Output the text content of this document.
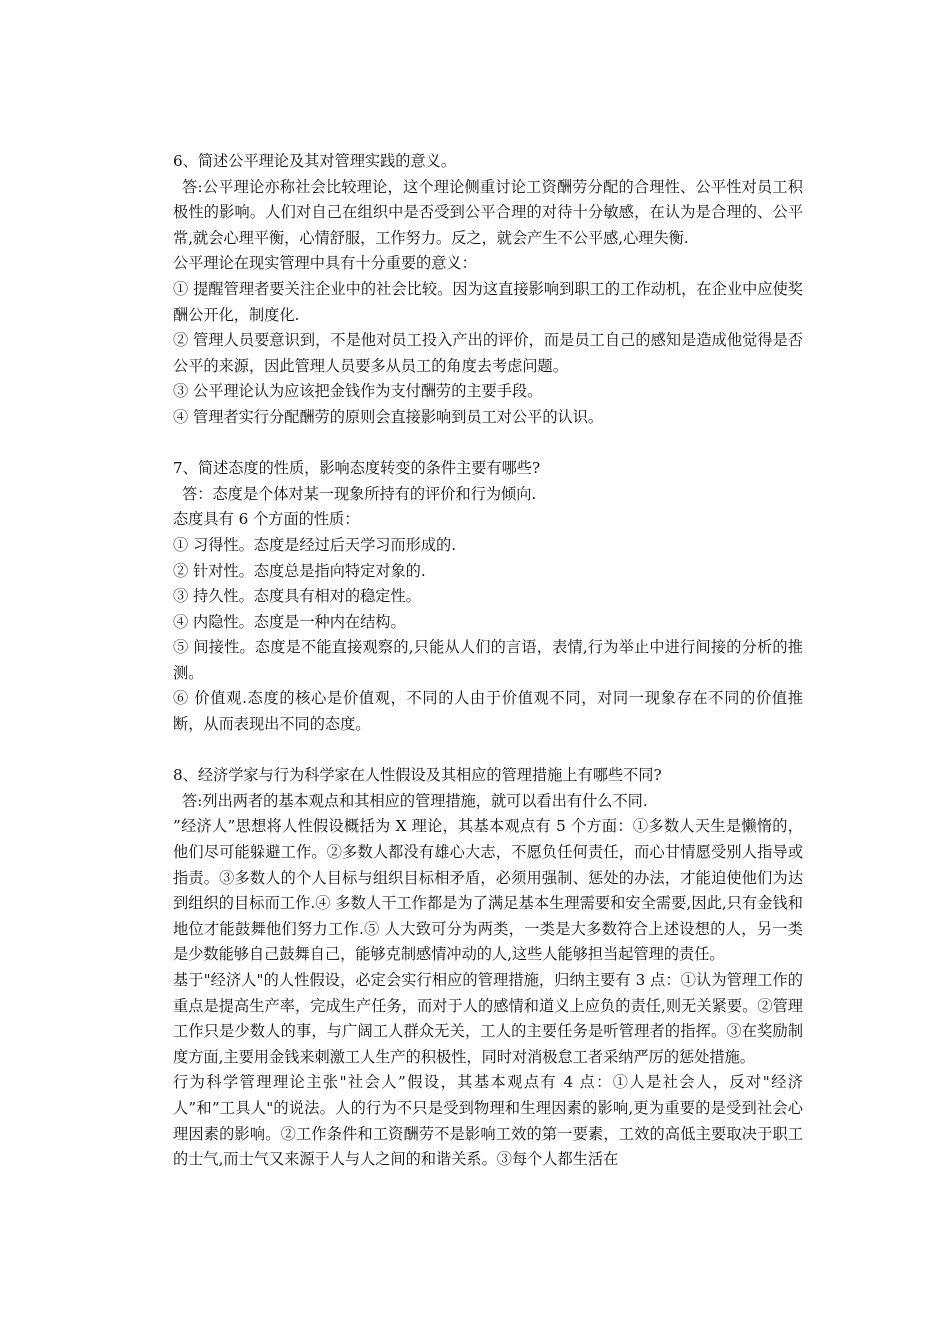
6、简述公平理论及其对管理实践的意义。

答:公平理论亦称社会比较理论，这个理论侧重讨论工资酬劳分配的合理性、公平性对员工积极性的影响。人们对自己在组织中是否受到公平合理的对待十分敏感，在认为是合理的、公平常,就会心理平衡，心情舒服，工作努力。反之，就会产生不公平感,心理失衡.

公平理论在现实管理中具有十分重要的意义：

① 提醒管理者要关注企业中的社会比较。因为这直接影响到职工的工作动机，在企业中应使奖酬公开化，制度化.

② 管理人员要意识到，不是他对员工投入产出的评价，而是员工自己的感知是造成他觉得是否公平的来源，因此管理人员要多从员工的角度去考虑问题。

③ 公平理论认为应该把金钱作为支付酬劳的主要手段。

④ 管理者实行分配酬劳的原则会直接影响到员工对公平的认识。

7、简述态度的性质，影响态度转变的条件主要有哪些?

答：态度是个体对某一现象所持有的评价和行为倾向.

态度具有 6 个方面的性质：

① 习得性。态度是经过后天学习而形成的.

② 针对性。态度总是指向特定对象的.

③ 持久性。态度具有相对的稳定性。

④ 内隐性。态度是一种内在结构。

⑤ 间接性。态度是不能直接观察的,只能从人们的言语，表情,行为举止中进行间接的分析的推测。

⑥ 价值观.态度的核心是价值观，不同的人由于价值观不同，对同一现象存在不同的价值推断，从而表现出不同的态度。

8、经济学家与行为科学家在人性假设及其相应的管理措施上有哪些不同?

答:列出两者的基本观点和其相应的管理措施，就可以看出有什么不同.

”经济人”思想将人性假设概括为 X 理论，其基本观点有 5 个方面：①多数人天生是懒惰的，他们尽可能躲避工作。②多数人都没有雄心大志，不愿负任何责任，而心甘情愿受别人指导或指责。③多数人的个人目标与组织目标相矛盾，必须用强制、惩处的办法，才能迫使他们为达到组织的目标而工作.④ 多数人干工作都是为了满足基本生理需要和安全需要,因此,只有金钱和地位才能鼓舞他们努力工作.⑤ 人大致可分为两类，一类是大多数符合上述设想的人，另一类是少数能够自己鼓舞自己，能够克制感情冲动的人,这些人能够担当起管理的责任。

基于"经济人"的人性假设，必定会实行相应的管理措施，归纳主要有 3 点：①认为管理工作的重点是提高生产率，完成生产任务，而对于人的感情和道义上应负的责任,则无关紧要。②管理工作只是少数人的事，与广阔工人群众无关，工人的主要任务是听管理者的指挥。③在奖励制度方面,主要用金钱来刺激工人生产的积极性，同时对消极怠工者采纳严厉的惩处措施。

行为科学管理理论主张"社会人”假设，其基本观点有 4 点：①人是社会人，反对"经济人”和”工具人"的说法。人的行为不只是受到物理和生理因素的影响,更为重要的是受到社会心理因素的影响。②工作条件和工资酬劳不是影响工效的第一要素，工效的高低主要取决于职工的士气,而士气又来源于人与人之间的和谐关系。③每个人都生活在
